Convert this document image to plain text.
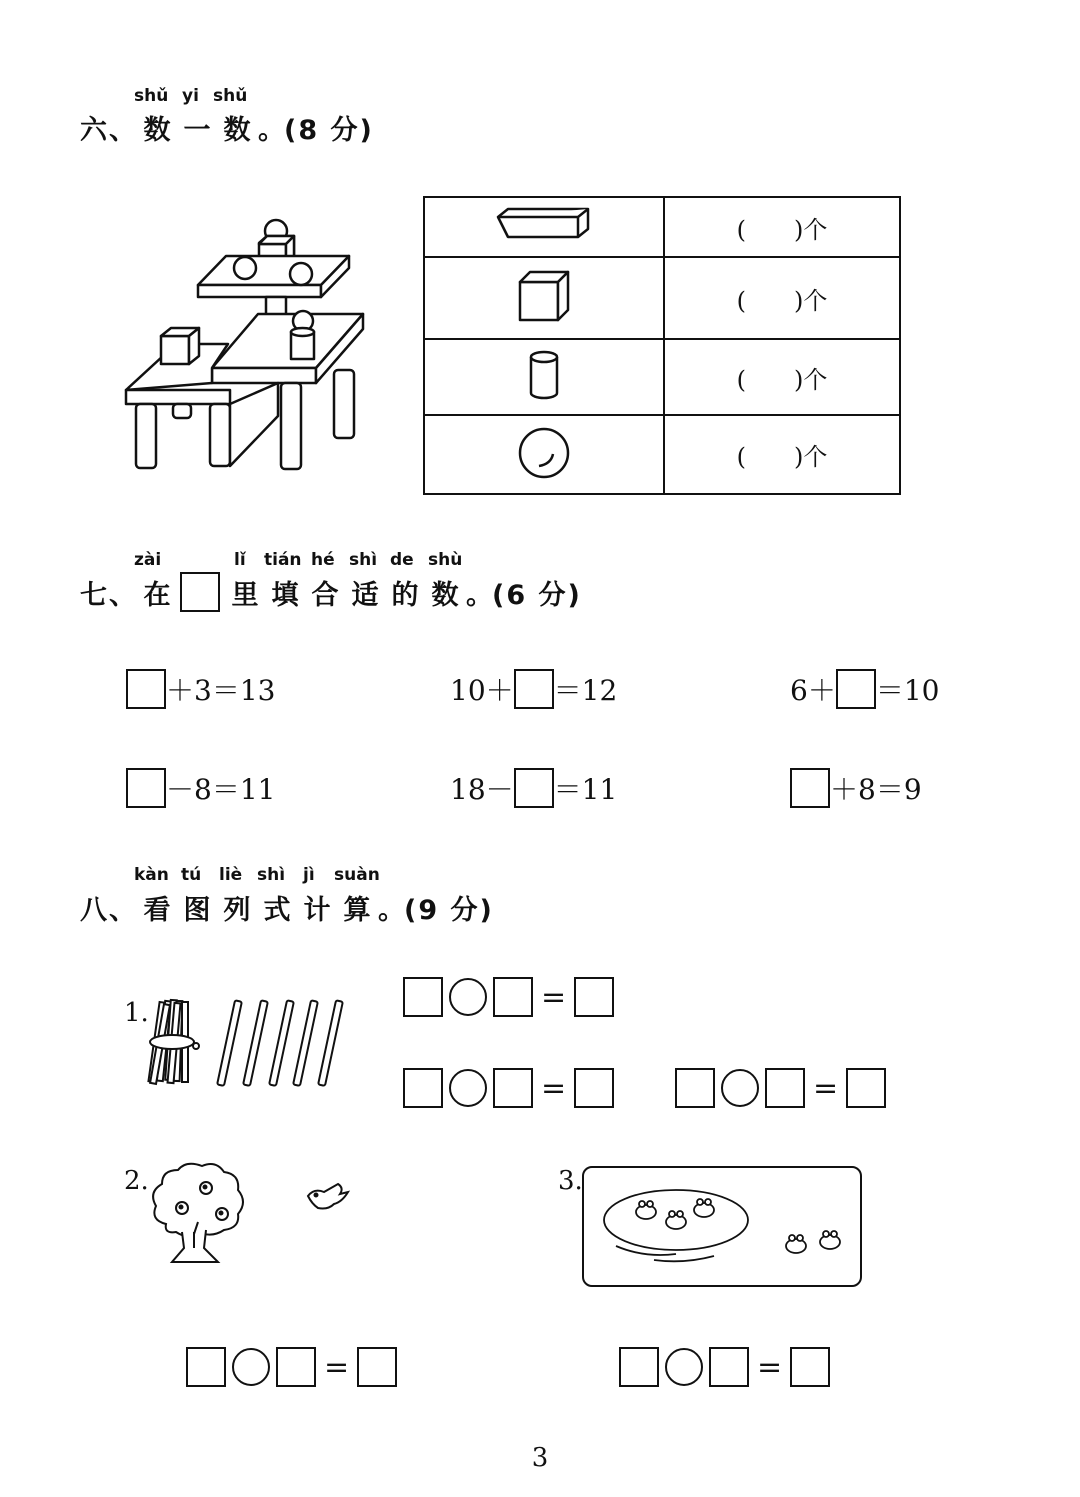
shǔ yi shǔ
六、 数 一 数 。(8 分)
	( )个
	( )个
	( )个
	( )个
zài	lǐ tián hé shì de shù
七、 在 里 填 合 适 的 数 。
(6 分)
＋3＝13	10＋ ＝12	6＋ ＝10
－8＝11	18－ ＝11	＋8＝9
kàn tú liè shì jì suàn
八、 看 图 列 式 计 算 。(9 分)
1.	=
=	=
2.
=
3.
=
3
